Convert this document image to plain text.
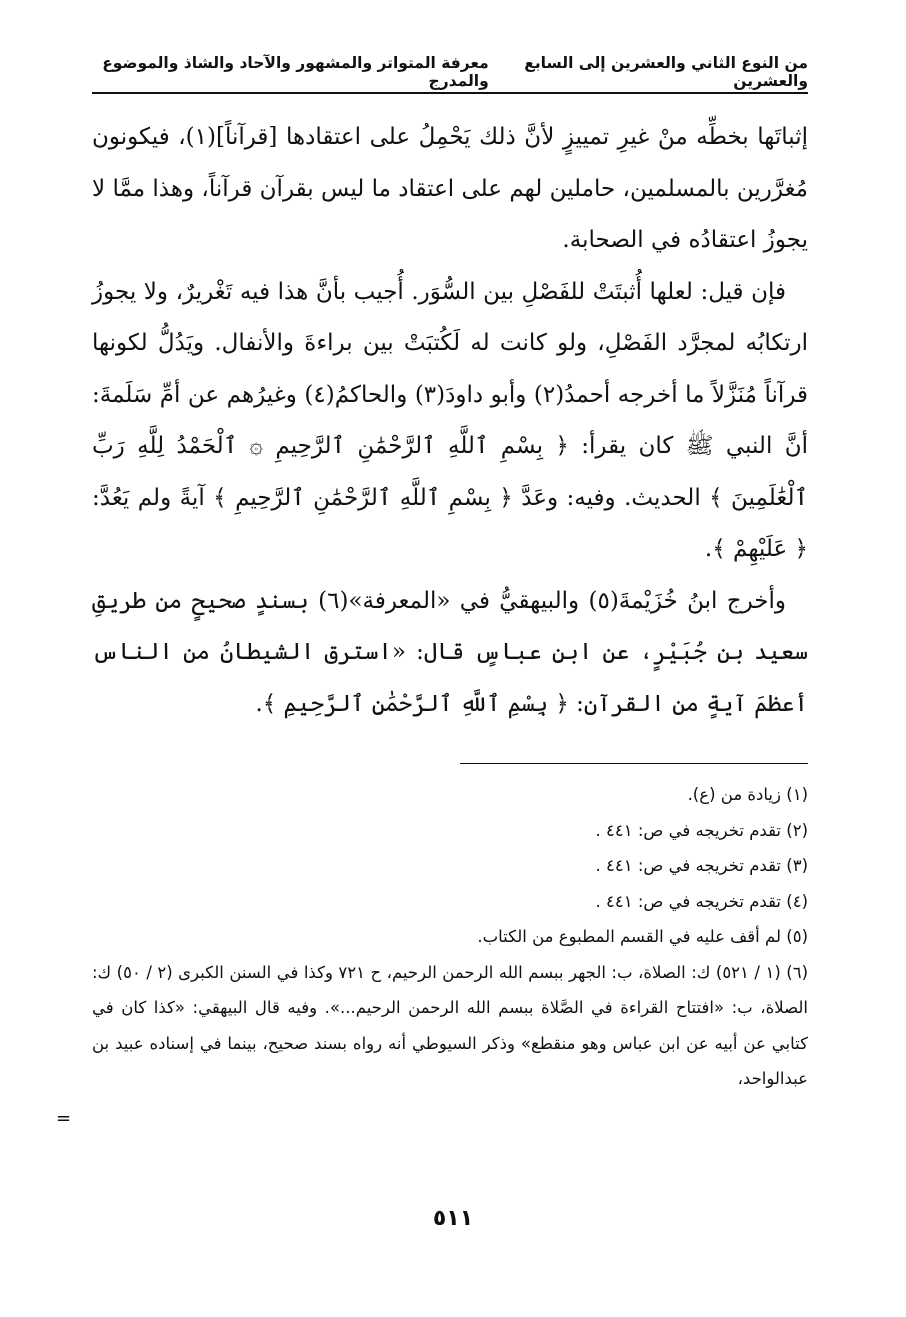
من النوع الثاني والعشرين إلى السابع والعشرين
معرفة المتواتر والمشهور والآحاد والشاذ والموضوع والمدرج

إثباتَها بخطِّه منْ غيرِ تمييزٍ لأنَّ ذلك يَحْمِلُ على اعتقادها [قرآناً](١)، فيكونون مُغرَّرين بالمسلمين، حاملين لهم على اعتقاد ما ليس بقرآن قرآناً، وهذا ممَّا لا يجوزُ اعتقادُه في الصحابة.

فإن قيل: لعلها أُثبتَتْ للفَصْلِ بين السُّوَر. أُجيب بأنَّ هذا فيه تَغْريرٌ، ولا يجوزُ ارتكابُه لمجرَّد الفَصْلِ، ولو كانت له لَكُتبَتْ بين براءةَ والأنفال. ويَدُلُّ لكونها قرآناً مُنَزَّلاً ما أخرجه أحمدُ(٢) وأبو داودَ(٣) والحاكمُ(٤) وغيرُهم عن أمِّ سَلَمةَ: أنَّ النبي ﷺ كان يقرأ: ﴿ بِسْمِ ٱللَّهِ ٱلرَّحْمَٰنِ ٱلرَّحِيمِ ۞ ٱلْحَمْدُ لِلَّهِ رَبِّ ٱلْعَٰلَمِينَ ﴾ الحديث. وفيه: وعَدَّ ﴿ بِسْمِ ٱللَّهِ ٱلرَّحْمَٰنِ ٱلرَّحِيمِ ﴾ آيةً ولم يَعُدَّ: ﴿ عَلَيْهِمْ ﴾.

وأخرج ابنُ خُزَيْمةَ(٥) والبيهقيُّ في «المعرفة»(٦) بسندٍ صحيحٍ من طريقِ سعيد بن جُبَيْرٍ، عن ابنِ عباسٍ قال: «استرق الشيطانُ من الناس أعظمَ آيةٍ من القرآن: ﴿ بِسْمِ ٱللَّهِ ٱلرَّحْمَٰنِ ٱلرَّحِيمِ ﴾.

(١) زيادة من (ع).

(٢) تقدم تخريجه في ص: ٤٤١ .

(٣) تقدم تخريجه في ص: ٤٤١ .

(٤) تقدم تخريجه في ص: ٤٤١ .

(٥) لم أقف عليه في القسم المطبوع من الكتاب.

(٦) (١ / ٥٢١) ك: الصلاة، ب: الجهر ببسم الله الرحمن الرحيم، ح ٧٢١ وكذا في السنن الكبرى (٢ / ٥٠) ك: الصلاة، ب: «افتتاح القراءة في الصَّلاة ببسم الله الرحمن الرحيم...». وفيه قال البيهقي: «كذا كان في كتابي عن أبيه عن ابن عباس وهو منقطع» وذكر السيوطي أنه رواه بسند صحيح، بينما في إسناده عبيد بن عبدالواحد،

=
٥١١
